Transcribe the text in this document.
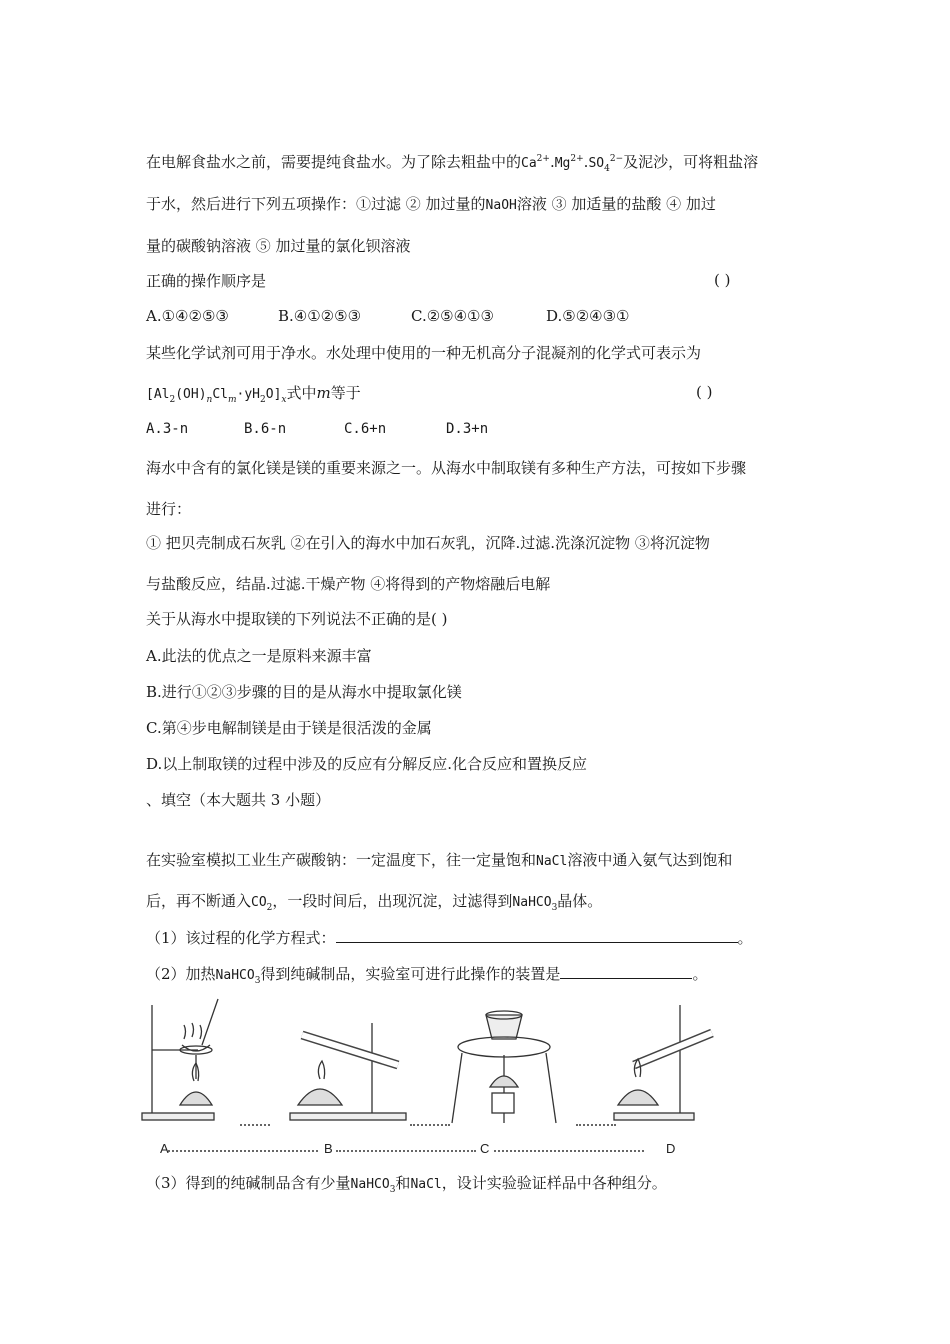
在电解食盐水之前，需要提纯食盐水。为了除去粗盐中的$Ca^{2+}.Mg^{2+}.SO_4^{2-}$及泥沙，可将粗盐溶
于水，然后进行下列五项操作：①过滤 ② 加过量的NaOH溶液 ③ 加适量的盐酸 ④ 加过
量的碳酸钠溶液 ⑤ 加过量的氯化钡溶液
正确的操作顺序是	( )
A.①④②⑤③	B.④①②⑤③	C.②⑤④①③	D.⑤②④③①
某些化学试剂可用于净水。水处理中使用的一种无机高分子混凝剂的化学式可表示为
$[Al_2(OH)_nCl_m\cdot yH_2O]_x$式中m等于	( )
A.3-n	B.6-n	C.6+n	D.3+n
海水中含有的氯化镁是镁的重要来源之一。从海水中制取镁有多种生产方法，可按如下步骤
进行：
① 把贝壳制成石灰乳 ②在引入的海水中加石灰乳，沉降.过滤.洗涤沉淀物 ③将沉淀物
与盐酸反应，结晶.过滤.干燥产物 ④将得到的产物熔融后电解
关于从海水中提取镁的下列说法不正确的是( )
A.此法的优点之一是原料来源丰富
B.进行①②③步骤的目的是从海水中提取氯化镁
C.第④步电解制镁是由于镁是很活泼的金属
D.以上制取镁的过程中涉及的反应有分解反应.化合反应和置换反应
、填空（本大题共 3 小题）
在实验室模拟工业生产碳酸钠：一定温度下，往一定量饱和NaCl溶液中通入氨气达到饱和
后，再不断通入$CO_2$，一段时间后，出现沉淀，过滤得到NaHCO$_3$晶体。
（1）该过程的化学方程式：	。
（2）加热NaHCO$_3$得到纯碱制品，实验室可进行此操作的装置是	。
A	B	C	D
（3）得到的纯碱制品含有少量NaHCO$_3$和NaCl，设计实验验证样品中各种组分。
